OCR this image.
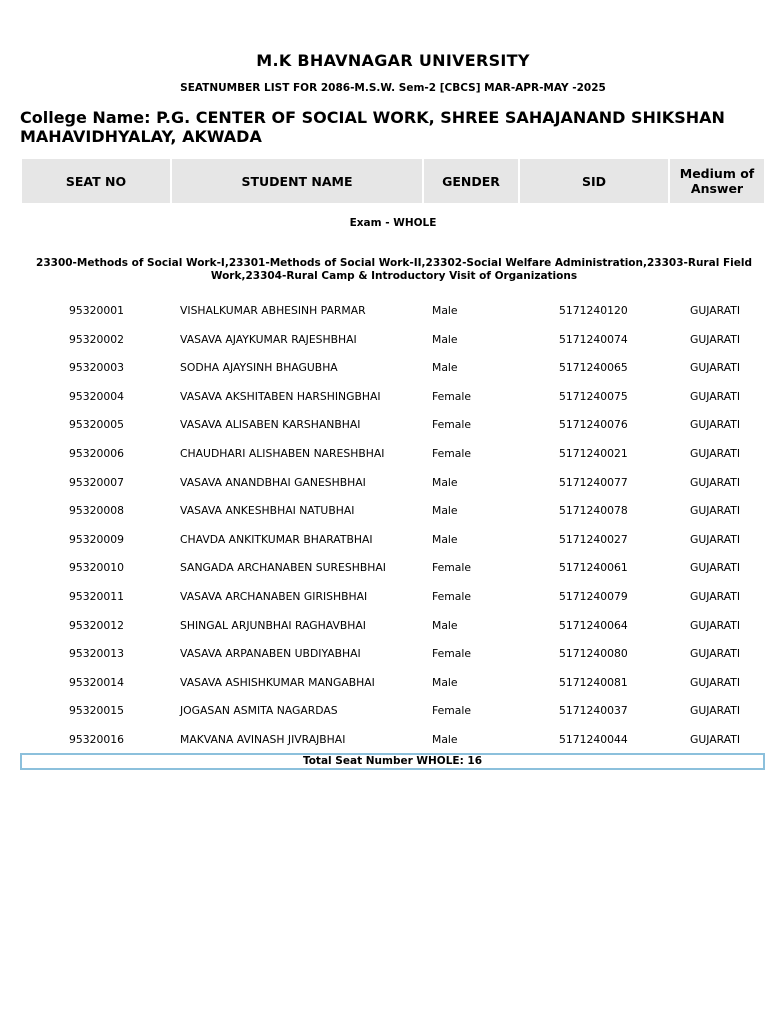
M.K BHAVNAGAR UNIVERSITY
SEATNUMBER LIST FOR 2086-M.S.W. Sem-2 [CBCS] MAR-APR-MAY -2025
College Name: P.G. CENTER OF SOCIAL WORK, SHREE SAHAJANAND SHIKSHAN MAHAVIDHYALAY, AKWADA
SEAT NO	STUDENT NAME	GENDER	SID	Medium of
Answer
Exam - WHOLE
23300-Methods of Social Work-I,23301-Methods of Social Work-II,23302-Social Welfare Administration,23303-Rural Field Work,23304-Rural Camp & Introductory Visit of Organizations
95320001	VISHALKUMAR ABHESINH PARMAR	Male	5171240120	GUJARATI
95320002	VASAVA AJAYKUMAR RAJESHBHAI	Male	5171240074	GUJARATI
95320003	SODHA AJAYSINH BHAGUBHA	Male	5171240065	GUJARATI
95320004	VASAVA AKSHITABEN HARSHINGBHAI	Female	5171240075	GUJARATI
95320005	VASAVA ALISABEN KARSHANBHAI	Female	5171240076	GUJARATI
95320006	CHAUDHARI ALISHABEN NARESHBHAI	Female	5171240021	GUJARATI
95320007	VASAVA ANANDBHAI GANESHBHAI	Male	5171240077	GUJARATI
95320008	VASAVA ANKESHBHAI NATUBHAI	Male	5171240078	GUJARATI
95320009	CHAVDA ANKITKUMAR BHARATBHAI	Male	5171240027	GUJARATI
95320010	SANGADA ARCHANABEN SURESHBHAI	Female	5171240061	GUJARATI
95320011	VASAVA ARCHANABEN GIRISHBHAI	Female	5171240079	GUJARATI
95320012	SHINGAL ARJUNBHAI RAGHAVBHAI	Male	5171240064	GUJARATI
95320013	VASAVA ARPANABEN UBDIYABHAI	Female	5171240080	GUJARATI
95320014	VASAVA ASHISHKUMAR MANGABHAI	Male	5171240081	GUJARATI
95320015	JOGASAN ASMITA NAGARDAS	Female	5171240037	GUJARATI
95320016	MAKVANA AVINASH JIVRAJBHAI	Male	5171240044	GUJARATI
Total Seat Number WHOLE: 16
